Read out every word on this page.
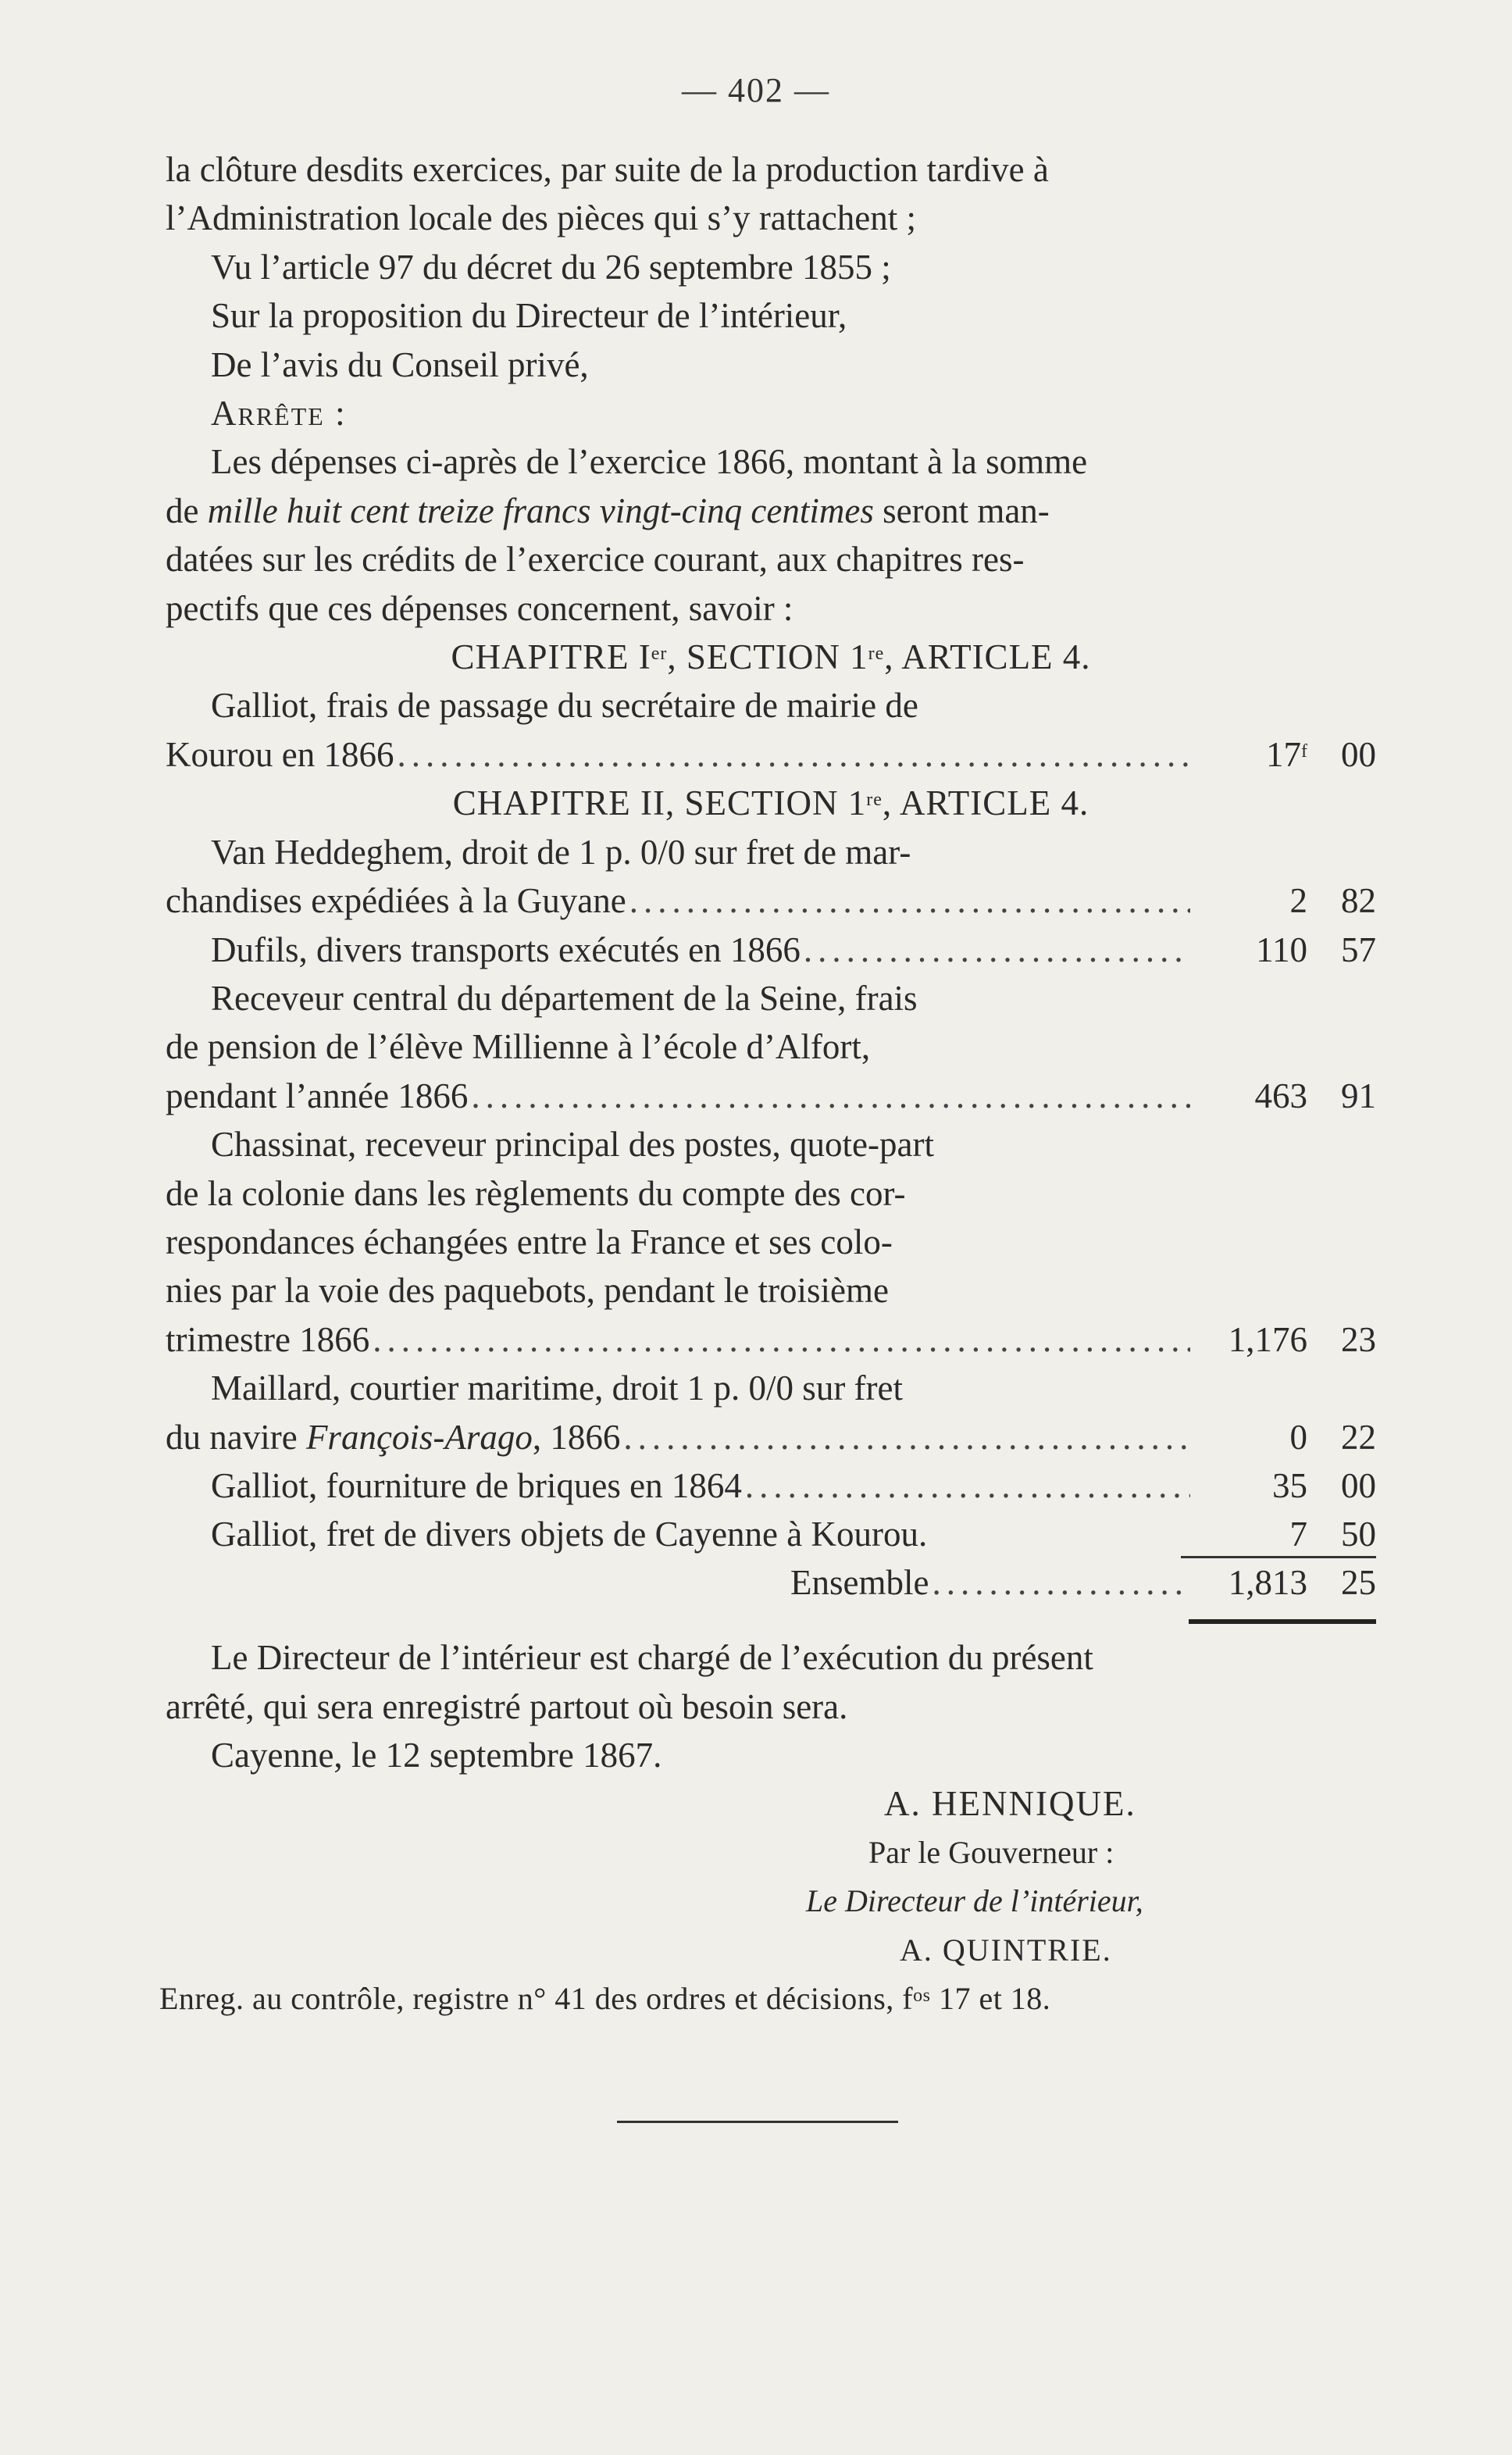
— 402 —
la clôture desdits exercices, par suite de la production tardive à
l’Administration locale des pièces qui s’y rattachent ;
Vu l’article 97 du décret du 26 septembre 1855 ;
Sur la proposition du Directeur de l’intérieur,
De l’avis du Conseil privé,
Arrête :
Les dépenses ci-après de l’exercice 1866, montant à la somme
de mille huit cent treize francs vingt-cinq centimes seront man-
datées sur les crédits de l’exercice courant, aux chapitres res-
pectifs que ces dépenses concernent, savoir :
CHAPITRE Ier, SECTION 1re, ARTICLE 4.
Galliot, frais de passage du secrétaire de mairie de
Kourou en 1866 .....	17$^f$ 00
CHAPITRE II, SECTION 1re, ARTICLE 4.
Van Heddeghem, droit de 1 p. 0/0 sur fret de mar-
chandises expédiées à la Guyane .....	2 82
Dufils, divers transports exécutés en 1866 .....	110 57
Receveur central du département de la Seine, frais
de pension de l’élève Millienne à l’école d’Alfort,
pendant l’année 1866 .....	463 91
Chassinat, receveur principal des postes, quote-part
de la colonie dans les règlements du compte des cor-
respondances échangées entre la France et ses colo-
nies par la voie des paquebots, pendant le troisième
trimestre 1866 .....	1,176 23
Maillard, courtier maritime, droit 1 p. 0/0 sur fret
du navire François-Arago, 1866 .....	0 22
Galliot, fourniture de briques en 1864 .....	35 00
Galliot, fret de divers objets de Cayenne à Kourou.	7 50
Ensemble .....	1,813 25
Le Directeur de l’intérieur est chargé de l’exécution du présent
arrêté, qui sera enregistré partout où besoin sera.
Cayenne, le 12 septembre 1867.
A. HENNIQUE.
Par le Gouverneur :
Le Directeur de l’intérieur,
A. QUINTRIE.
Enreg. au contrôle, registre n° 41 des ordres et décisions, $f^{os}$ 17 et 18.
